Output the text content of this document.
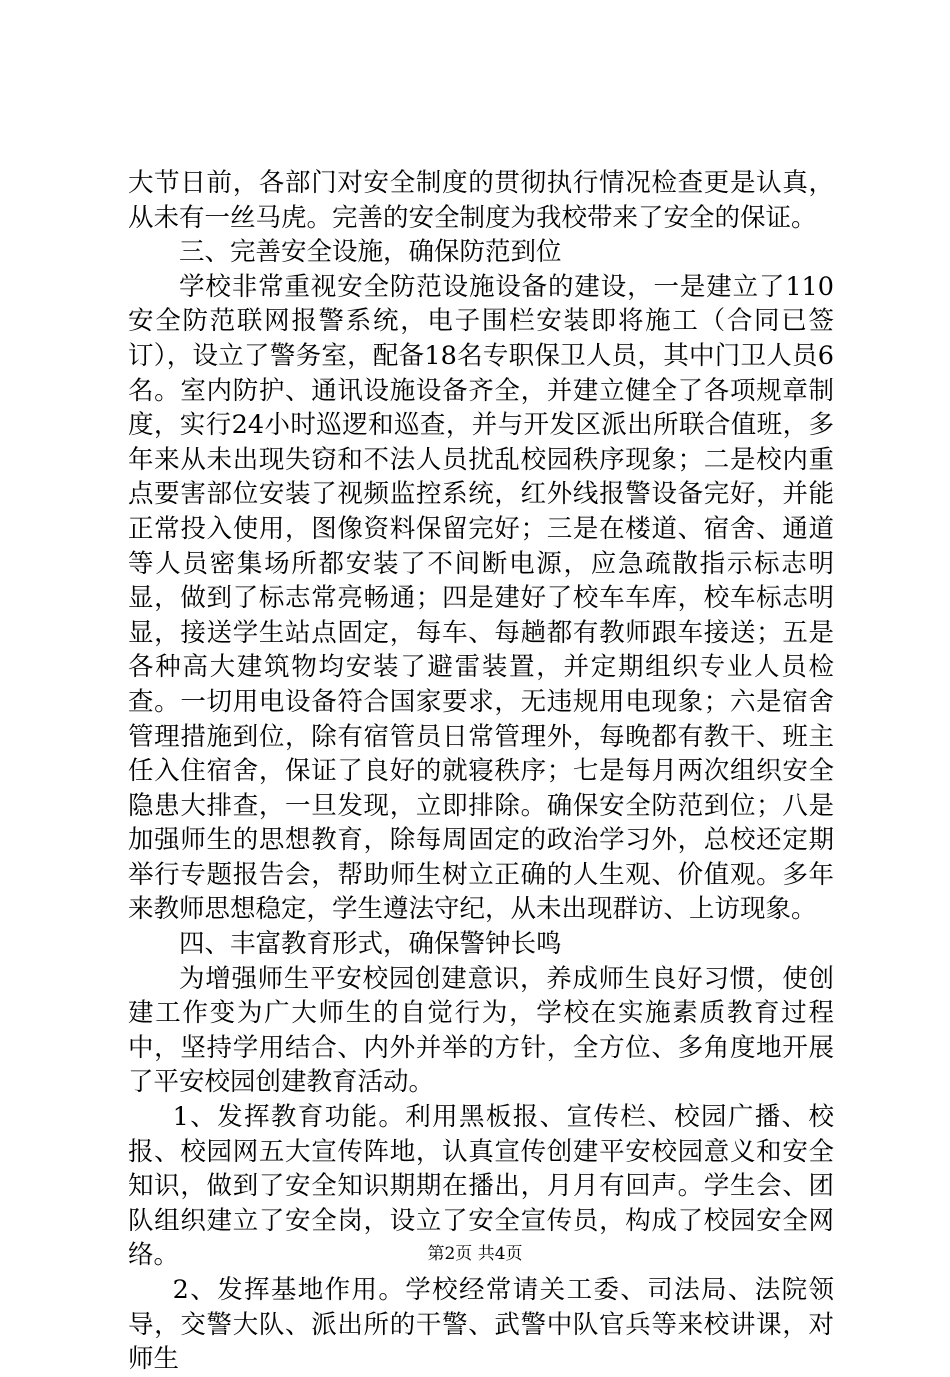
大节日前，各部门对安全制度的贯彻执行情况检查更是认真，从未有一丝马虎。完善的安全制度为我校带来了安全的保证。

三、完善安全设施，确保防范到位

学校非常重视安全防范设施设备的建设，一是建立了110安全防范联网报警系统，电子围栏安装即将施工（合同已签订），设立了警务室，配备18名专职保卫人员，其中门卫人员6名。室内防护、通讯设施设备齐全，并建立健全了各项规章制度，实行24小时巡逻和巡查，并与开发区派出所联合值班，多年来从未出现失窃和不法人员扰乱校园秩序现象；二是校内重点要害部位安装了视频监控系统，红外线报警设备完好，并能正常投入使用，图像资料保留完好；三是在楼道、宿舍、通道等人员密集场所都安装了不间断电源，应急疏散指示标志明显，做到了标志常亮畅通；四是建好了校车车库，校车标志明显，接送学生站点固定，每车、每趟都有教师跟车接送；五是各种高大建筑物均安装了避雷装置，并定期组织专业人员检查。一切用电设备符合国家要求，无违规用电现象；六是宿舍管理措施到位，除有宿管员日常管理外，每晚都有教干、班主任入住宿舍，保证了良好的就寝秩序；七是每月两次组织安全隐患大排查，一旦发现，立即排除。确保安全防范到位；八是加强师生的思想教育，除每周固定的政治学习外，总校还定期举行专题报告会，帮助师生树立正确的人生观、价值观。多年来教师思想稳定，学生遵法守纪，从未出现群访、上访现象。

四、丰富教育形式，确保警钟长鸣

为增强师生平安校园创建意识，养成师生良好习惯，使创建工作变为广大师生的自觉行为，学校在实施素质教育过程中，坚持学用结合、内外并举的方针，全方位、多角度地开展了平安校园创建教育活动。

1、发挥教育功能。利用黑板报、宣传栏、校园广播、校报、校园网五大宣传阵地，认真宣传创建平安校园意义和安全知识，做到了安全知识期期在播出，月月有回声。学生会、团队组织建立了安全岗，设立了安全宣传员，构成了校园安全网络。

2、发挥基地作用。学校经常请关工委、司法局、法院领导，交警大队、派出所的干警、武警中队官兵等来校讲课，对师生

第2页 共4页
